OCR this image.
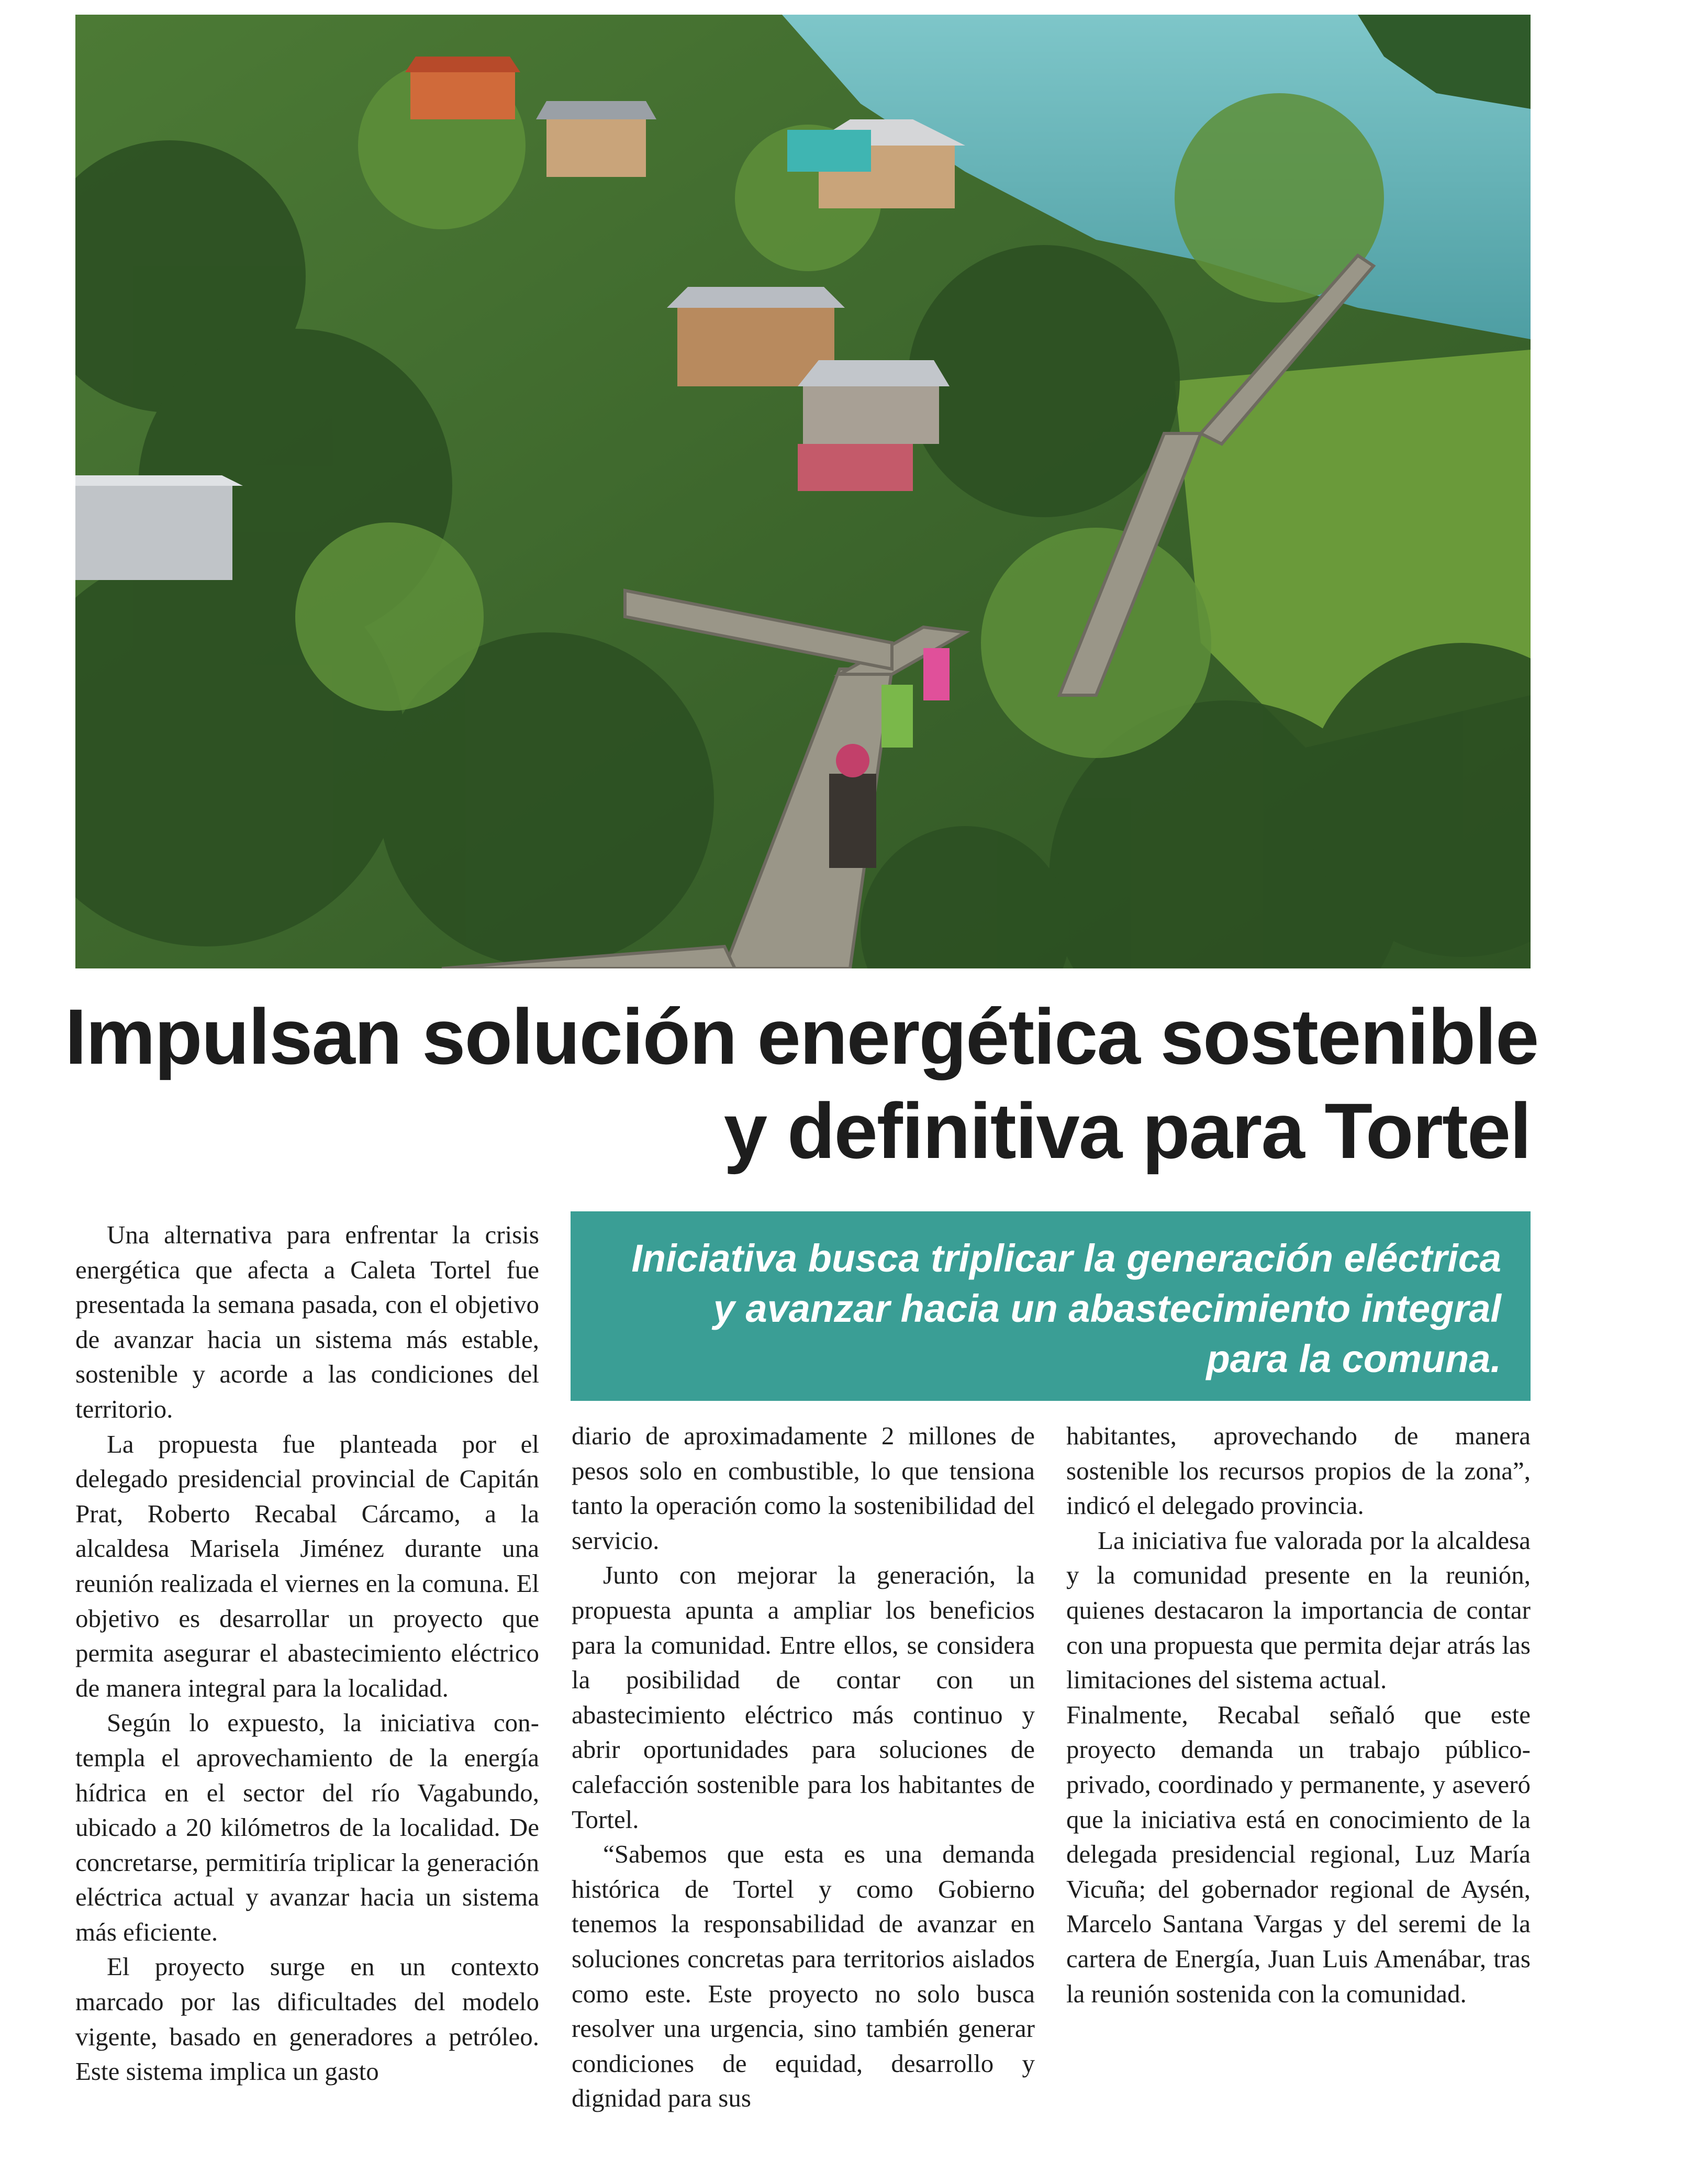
Impulsan solución energética sostenible
y definitiva para Tortel
Iniciativa busca triplicar la generación eléctrica
y avanzar hacia un abastecimiento integral
para la comuna.

Una alternativa para enfrentar la crisis energética que afecta a Caleta Tortel fue presentada la semana pasada, con el objetivo de avanzar hacia un sistema más estable, sostenible y acorde a las condiciones del territorio.

La propuesta fue planteada por el delegado presidencial provincial de Capitán Prat, Roberto Recabal Cárcamo, a la alcaldesa Marisela Jiménez durante una reunión realizada el viernes en la comuna. El objetivo es desarrollar un proyecto que permita asegurar el abastecimiento eléctrico de manera integral para la localidad.

Según lo expuesto, la iniciativa contempla el aprovechamiento de la energía hídrica en el sector del río Vagabundo, ubicado a 20 kilómetros de la localidad. De concretarse, permitiría triplicar la generación eléctrica actual y avanzar hacia un sistema más eficiente.

El proyecto surge en un contexto marcado por las dificultades del modelo vigente, basado en generadores a petróleo. Este sistema implica un gasto

diario de aproximadamente 2 millones de pesos solo en combustible, lo que tensiona tanto la operación como la sostenibilidad del servicio.

Junto con mejorar la generación, la propuesta apunta a ampliar los beneficios para la comunidad. Entre ellos, se considera la posibilidad de contar con un abastecimiento eléctrico más continuo y abrir oportunidades para soluciones de calefacción sostenible para los habitantes de Tortel.

“Sabemos que esta es una demanda histórica de Tortel y como Gobierno tenemos la responsabilidad de avanzar en soluciones concretas para territorios aislados como este. Este proyecto no solo busca resolver una urgencia, sino también generar condiciones de equidad, desarrollo y dignidad para sus

habitantes, aprovechando de manera sostenible los recursos propios de la zona”, indicó el delegado provincia.

La iniciativa fue valorada por la alcaldesa y la comunidad presente en la reunión, quienes destacaron la importancia de contar con una propuesta que permita dejar atrás las limitaciones del sistema actual.

Finalmente, Recabal señaló que este proyecto demanda un trabajo público-privado, coordinado y permanente, y aseveró que la iniciativa está en conocimiento de la delegada presidencial regional, Luz María Vicuña; del gobernador regional de Aysén, Marcelo Santana Vargas y del seremi de la cartera de Energía, Juan Luis Amenábar, tras la reunión sostenida con la comunidad.
